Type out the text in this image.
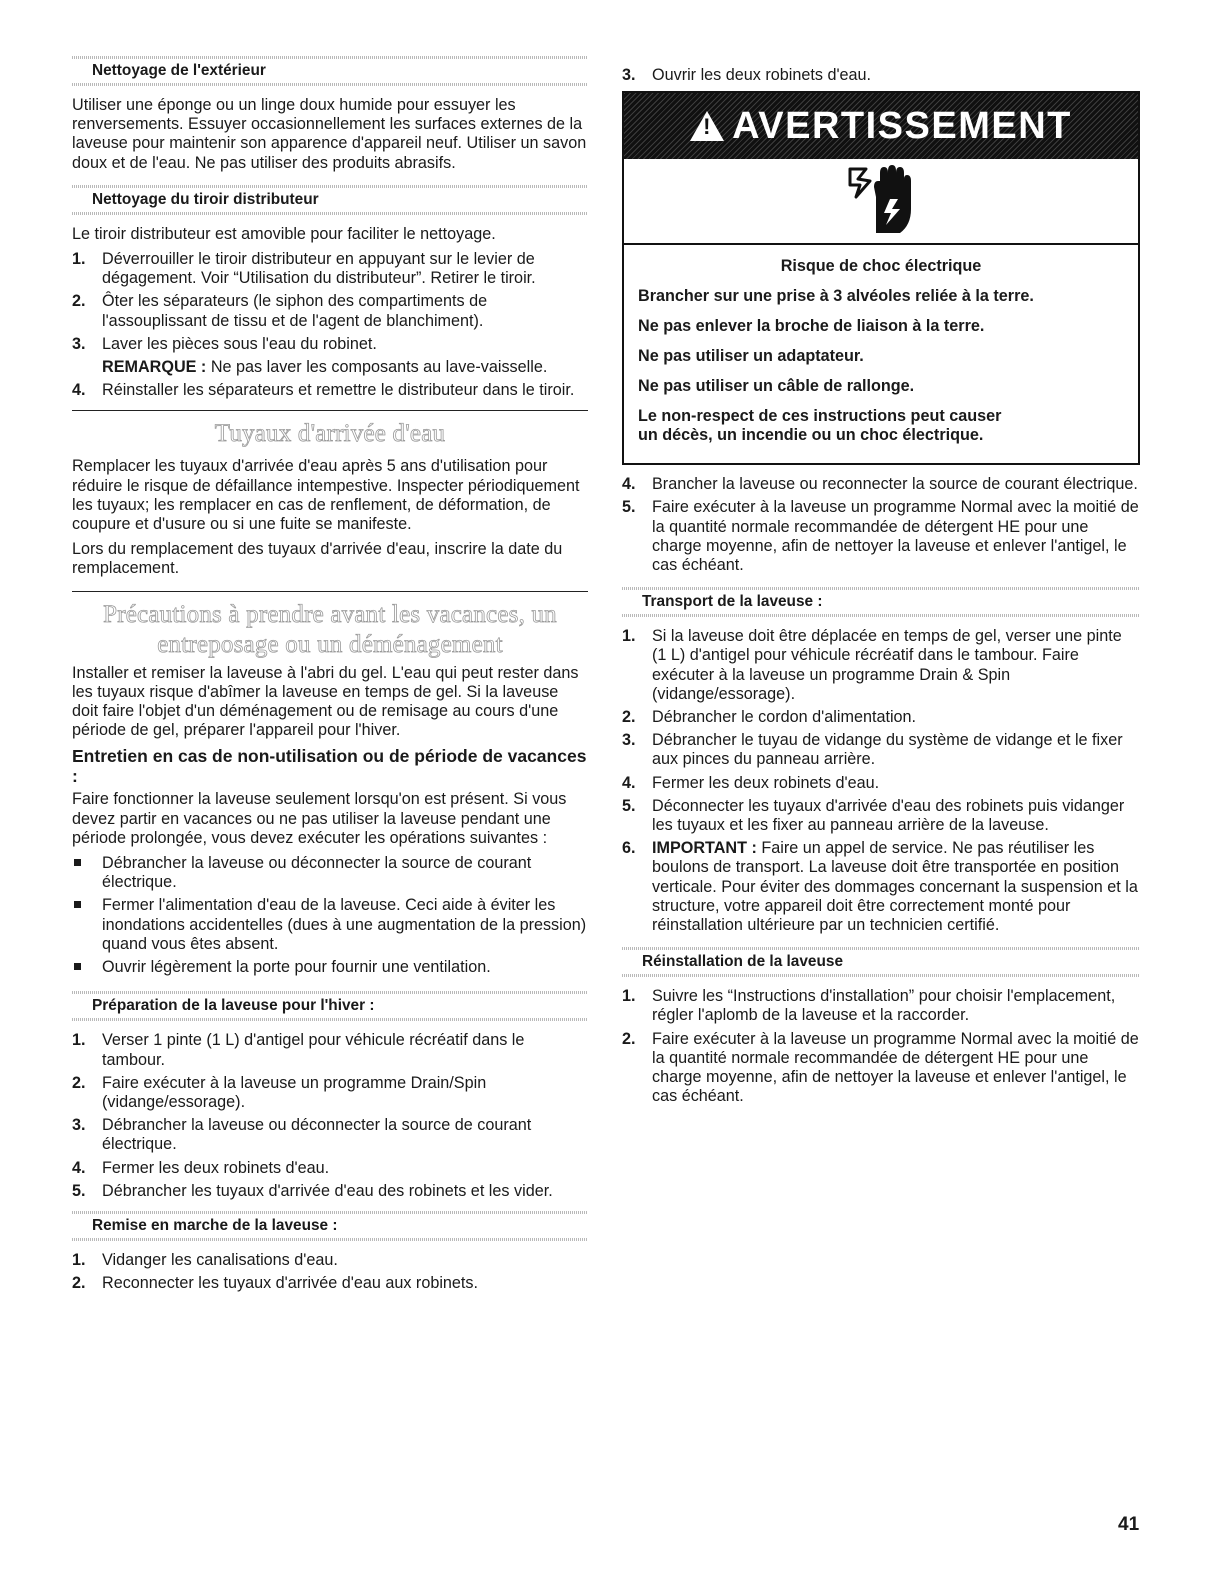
Nettoyage de l'extérieur

Utiliser une éponge ou un linge doux humide pour essuyer les renversements. Essuyer occasionnellement les surfaces externes de la laveuse pour maintenir son apparence d'appareil neuf. Utiliser un savon doux et de l'eau. Ne pas utiliser des produits abrasifs.

Nettoyage du tiroir distributeur

Le tiroir distributeur est amovible pour faciliter le nettoyage.

1. Déverrouiller le tiroir distributeur en appuyant sur le levier de dégagement. Voir “Utilisation du distributeur”. Retirer le tiroir.
2. Ôter les séparateurs (le siphon des compartiments de l'assouplissant de tissu et de l'agent de blanchiment).
3. Laver les pièces sous l'eau du robinet.
REMARQUE : Ne pas laver les composants au lave-vaisselle.
4. Réinstaller les séparateurs et remettre le distributeur dans le tiroir.
Tuyaux d'arrivée d'eau

Remplacer les tuyaux d'arrivée d'eau après 5 ans d'utilisation pour réduire le risque de défaillance intempestive. Inspecter périodiquement les tuyaux; les remplacer en cas de renflement, de déformation, de coupure et d'usure ou si une fuite se manifeste.

Lors du remplacement des tuyaux d'arrivée d'eau, inscrire la date du remplacement.

Précautions à prendre avant les vacances, un
entreposage ou un déménagement

Installer et remiser la laveuse à l'abri du gel. L'eau qui peut rester dans les tuyaux risque d'abîmer la laveuse en temps de gel. Si la laveuse doit faire l'objet d'un déménagement ou de remisage au cours d'une période de gel, préparer l'appareil pour l'hiver.

Entretien en cas de non-utilisation ou de période de vacances :

Faire fonctionner la laveuse seulement lorsqu'on est présent. Si vous devez partir en vacances ou ne pas utiliser la laveuse pendant une période prolongée, vous devez exécuter les opérations suivantes :

Débrancher la laveuse ou déconnecter la source de courant électrique.
Fermer l'alimentation d'eau de la laveuse. Ceci aide à éviter les inondations accidentelles (dues à une augmentation de la pression) quand vous êtes absent.
Ouvrir légèrement la porte pour fournir une ventilation.
Préparation de la laveuse pour l'hiver :
1. Verser 1 pinte (1 L) d'antigel pour véhicule récréatif dans le tambour.
2. Faire exécuter à la laveuse un programme Drain/Spin (vidange/essorage).
3. Débrancher la laveuse ou déconnecter la source de courant électrique.
4. Fermer les deux robinets d'eau.
5. Débrancher les tuyaux d'arrivée d'eau des robinets et les vider.
Remise en marche de la laveuse :
1. Vidanger les canalisations d'eau.
2. Reconnecter les tuyaux d'arrivée d'eau aux robinets.
3. Ouvrir les deux robinets d'eau.
!
AVERTISSEMENT
Risque de choc électrique
Brancher sur une prise à 3 alvéoles reliée à la terre.
Ne pas enlever la broche de liaison à la terre.
Ne pas utiliser un adaptateur.
Ne pas utiliser un câble de rallonge.
Le non-respect de ces instructions peut causer
un décès, un incendie ou un choc électrique.
4. Brancher la laveuse ou reconnecter la source de courant électrique.
5. Faire exécuter à la laveuse un programme Normal avec la moitié de la quantité normale recommandée de détergent HE pour une charge moyenne, afin de nettoyer la laveuse et enlever l'antigel, le cas échéant.
Transport de la laveuse :
1. Si la laveuse doit être déplacée en temps de gel, verser une pinte (1 L) d'antigel pour véhicule récréatif dans le tambour. Faire exécuter à la laveuse un programme Drain & Spin (vidange/essorage).
2. Débrancher le cordon d'alimentation.
3. Débrancher le tuyau de vidange du système de vidange et le fixer aux pinces du panneau arrière.
4. Fermer les deux robinets d'eau.
5. Déconnecter les tuyaux d'arrivée d'eau des robinets puis vidanger les tuyaux et les fixer au panneau arrière de la laveuse.
6. IMPORTANT : Faire un appel de service. Ne pas réutiliser les boulons de transport. La laveuse doit être transportée en position verticale. Pour éviter des dommages concernant la suspension et la structure, votre appareil doit être correctement monté pour réinstallation ultérieure par un technicien certifié.
Réinstallation de la laveuse
1. Suivre les “Instructions d'installation” pour choisir l'emplacement, régler l'aplomb de la laveuse et la raccorder.
2. Faire exécuter à la laveuse un programme Normal avec la moitié de la quantité normale recommandée de détergent HE pour une charge moyenne, afin de nettoyer la laveuse et enlever l'antigel, le cas échéant.
41
